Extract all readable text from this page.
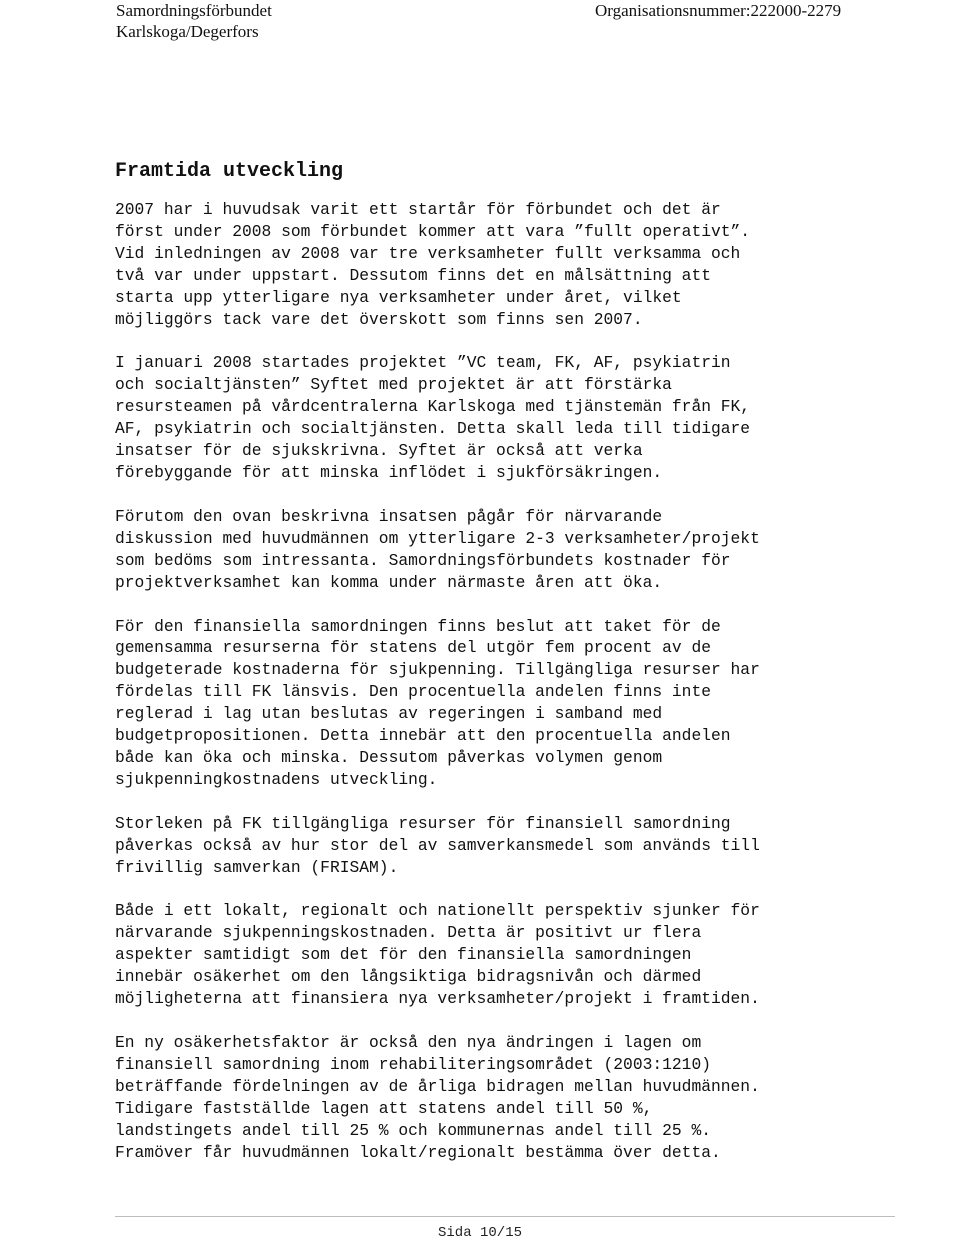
Samordningsförbundet
Karlskoga/Degerfors
Organisationsnummer:222000-2279
Framtida utveckling

2007 har i huvudsak varit ett startår för förbundet och det är
först under 2008 som förbundet kommer att vara ”fullt operativt”.
Vid inledningen av 2008 var tre verksamheter fullt verksamma och
två var under uppstart. Dessutom finns det en målsättning att
starta upp ytterligare nya verksamheter under året, vilket
möjliggörs tack vare det överskott som finns sen 2007.

I januari 2008 startades projektet ”VC team, FK, AF, psykiatrin
och socialtjänsten” Syftet med projektet är att förstärka
resursteamen på vårdcentralerna Karlskoga med tjänstemän från FK,
AF, psykiatrin och socialtjänsten. Detta skall leda till tidigare
insatser för de sjukskrivna. Syftet är också att verka
förebyggande för att minska inflödet i sjukförsäkringen.

Förutom den ovan beskrivna insatsen pågår för närvarande
diskussion med huvudmännen om ytterligare 2-3 verksamheter/projekt
som bedöms som intressanta. Samordningsförbundets kostnader för
projektverksamhet kan komma under närmaste åren att öka.

För den finansiella samordningen finns beslut att taket för de
gemensamma resurserna för statens del utgör fem procent av de
budgeterade kostnaderna för sjukpenning. Tillgängliga resurser har
fördelas till FK länsvis. Den procentuella andelen finns inte
reglerad i lag utan beslutas av regeringen i samband med
budgetpropositionen. Detta innebär att den procentuella andelen
både kan öka och minska. Dessutom påverkas volymen genom
sjukpenningkostnadens utveckling.

Storleken på FK tillgängliga resurser för finansiell samordning
påverkas också av hur stor del av samverkansmedel som används till
frivillig samverkan (FRISAM).

Både i ett lokalt, regionalt och nationellt perspektiv sjunker för
närvarande sjukpenningskostnaden. Detta är positivt ur flera
aspekter samtidigt som det för den finansiella samordningen
innebär osäkerhet om den långsiktiga bidragsnivån och därmed
möjligheterna att finansiera nya verksamheter/projekt i framtiden.

En ny osäkerhetsfaktor är också den nya ändringen i lagen om
finansiell samordning inom rehabiliteringsområdet (2003:1210)
beträffande fördelningen av de årliga bidragen mellan huvudmännen.
Tidigare fastställde lagen att statens andel till 50 %,
landstingets andel till 25 % och kommunernas andel till 25 %.
Framöver får huvudmännen lokalt/regionalt bestämma över detta.

Sida 10/15
